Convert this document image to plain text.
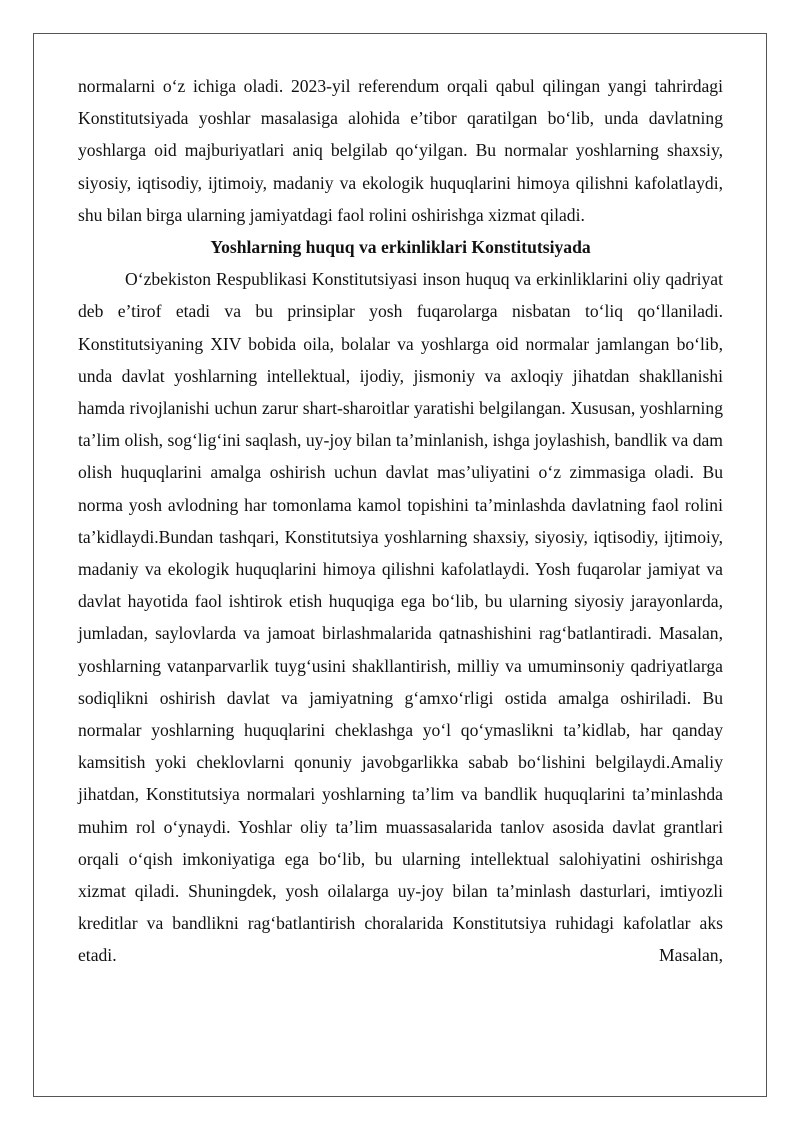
normalarni o‘z ichiga oladi. 2023-yil referendum orqali qabul qilingan yangi tahrirdagi Konstitutsiyada yoshlar masalasiga alohida e’tibor qaratilgan bo‘lib, unda davlatning yoshlarga oid majburiyatlari aniq belgilab qo‘yilgan. Bu normalar yoshlarning shaxsiy, siyosiy, iqtisodiy, ijtimoiy, madaniy va ekologik huquqlarini himoya qilishni kafolatlaydi, shu bilan birga ularning jamiyatdagi faol rolini oshirishga xizmat qiladi.

Yoshlarning huquq va erkinliklari Konstitutsiyada

O‘zbekiston Respublikasi Konstitutsiyasi inson huquq va erkinliklarini oliy qadriyat deb e’tirof etadi va bu prinsiplar yosh fuqarolarga nisbatan to‘liq qo‘llaniladi. Konstitutsiyaning XIV bobida oila, bolalar va yoshlarga oid normalar jamlangan bo‘lib, unda davlat yoshlarning intellektual, ijodiy, jismoniy va axloqiy jihatdan shakllanishi hamda rivojlanishi uchun zarur shart-sharoitlar yaratishi belgilangan. Xususan, yoshlarning ta’lim olish, sog‘lig‘ini saqlash, uy-joy bilan ta’minlanish, ishga joylashish, bandlik va dam olish huquqlarini amalga oshirish uchun davlat mas’uliyatini o‘z zimmasiga oladi. Bu norma yosh avlodning har tomonlama kamol topishini ta’minlashda davlatning faol rolini ta’kidlaydi.Bundan tashqari, Konstitutsiya yoshlarning shaxsiy, siyosiy, iqtisodiy, ijtimoiy, madaniy va ekologik huquqlarini himoya qilishni kafolatlaydi. Yosh fuqarolar jamiyat va davlat hayotida faol ishtirok etish huquqiga ega bo‘lib, bu ularning siyosiy jarayonlarda, jumladan, saylovlarda va jamoat birlashmalarida qatnashishini rag‘batlantiradi. Masalan, yoshlarning vatanparvarlik tuyg‘usini shakllantirish, milliy va umuminsoniy qadriyatlarga sodiqlikni oshirish davlat va jamiyatning g‘amxo‘rligi ostida amalga oshiriladi. Bu normalar yoshlarning huquqlarini cheklashga yo‘l qo‘ymaslikni ta’kidlab, har qanday kamsitish yoki cheklovlarni qonuniy javobgarlikka sabab bo‘lishini belgilaydi.Amaliy jihatdan, Konstitutsiya normalari yoshlarning ta’lim va bandlik huquqlarini ta’minlashda muhim rol o‘ynaydi. Yoshlar oliy ta’lim muassasalarida tanlov asosida davlat grantlari orqali o‘qish imkoniyatiga ega bo‘lib, bu ularning intellektual salohiyatini oshirishga xizmat qiladi. Shuningdek, yosh oilalarga uy-joy bilan ta’minlash dasturlari, imtiyozli kreditlar va bandlikni rag‘batlantirish choralarida Konstitutsiya ruhidagi kafolatlar aks etadi. Masalan,
